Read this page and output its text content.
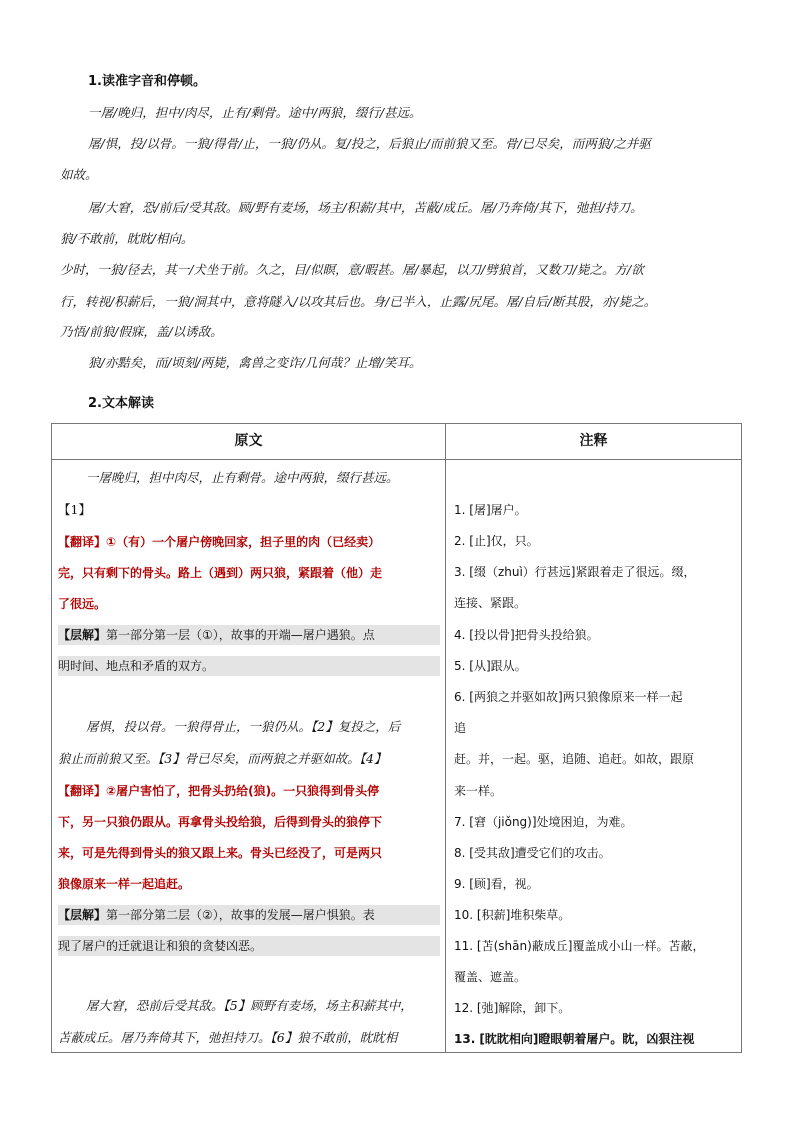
1.读准字音和停顿。

一屠/晚归，担中/肉尽，止有/剩骨。途中/两狼，缀行/甚远。

屠/惧，投/以骨。一狼/得骨/止，一狼/仍从。复/投之，后狼止/而前狼又至。骨/已尽矣，而两狼/之并驱

如故。

屠/大窘，恐/前后/受其敌。顾/野有麦场，场主/积薪/其中，苫蔽/成丘。屠/乃奔倚/其下，弛担/持刀。

狼/不敢前，眈眈/相向。

少时，一狼/径去，其一/犬坐于前。久之，目/似瞑，意/暇甚。屠/暴起，以刀/劈狼首，又数刀/毙之。方/欲

行，转视/积薪后，一狼/洞其中，意将隧入/以攻其后也。身/已半入，止露/尻尾。屠/自后/断其股，亦/毙之。

乃悟/前狼/假寐，盖/以诱敌。

狼/亦黠矣，而/顷刻/两毙，禽兽之变诈/几何哉？止增/笑耳。

2.文本解读
原文	注释

一屠晚归，担中肉尽，止有剩骨。途中两狼，缀行甚远。

【1】

【翻译】①（有）一个屠户傍晚回家，担子里的肉（已经卖）

完，只有剩下的骨头。路上（遇到）两只狼，紧跟着（他）走

了很远。

【层解】第一部分第一层（①），故事的开端—屠户遇狼。点

明时间、地点和矛盾的双方。

屠惧，投以骨。一狼得骨止，一狼仍从。【2】复投之，后

狼止而前狼又至。【3】骨已尽矣，而两狼之并驱如故。【4】

【翻译】②屠户害怕了，把骨头扔给(狼)。一只狼得到骨头停

下，另一只狼仍跟从。再拿骨头投给狼，后得到骨头的狼停下

来，可是先得到骨头的狼又跟上来。骨头已经没了，可是两只

狼像原来一样一起追赶。

【层解】第一部分第二层（②），故事的发展—屠户惧狼。表

现了屠户的迁就退让和狼的贪婪凶恶。

屠大窘，恐前后受其敌。【5】顾野有麦场，场主积薪其中，

苫蔽成丘。屠乃奔倚其下，弛担持刀。【6】狼不敢前，眈眈相

1. [屠]屠户。

2. [止]仅，只。

3. [缀（zhuì）行甚远]紧跟着走了很远。缀，

连接、紧跟。

4. [投以骨]把骨头投给狼。

5. [从]跟从。

6. [两狼之并驱如故]两只狼像原来一样一起

追

赶。并，一起。驱，追随、追赶。如故，跟原

来一样。

7. [窘（jiǒng)]处境困迫，为难。

8. [受其敌]遭受它们的攻击。

9. [顾]看，视。

10. [积薪]堆积柴草。

11. [苫(shān)蔽成丘]覆盖成小山一样。苫蔽，

覆盖、遮盖。

12. [弛]解除，卸下。

13. [眈眈相向]瞪眼朝着屠户。眈，凶狠注视
